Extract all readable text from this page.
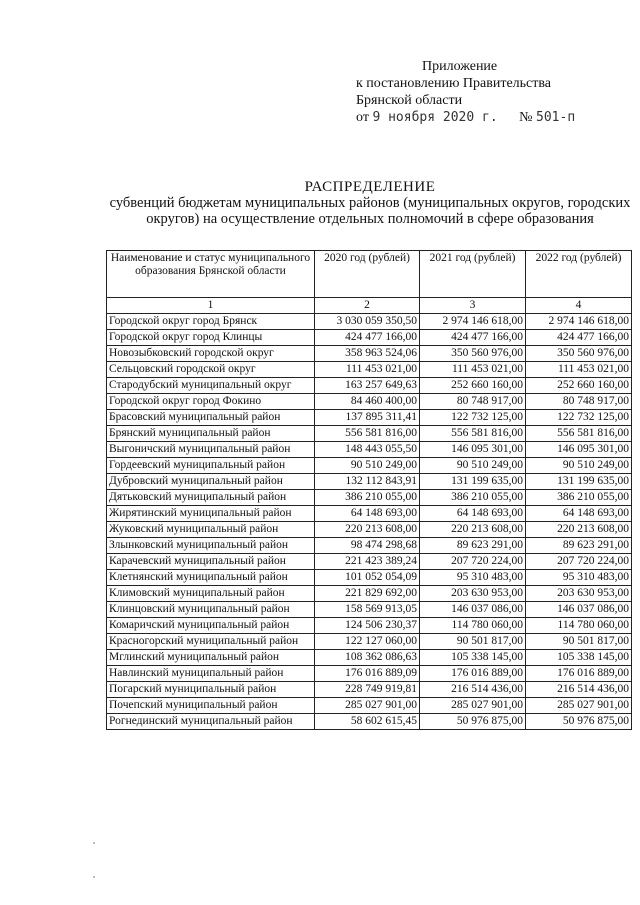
Приложение
к постановлению Правительства
Брянской области
от 9 ноября 2020 г. № 501-п
РАСПРЕДЕЛЕНИЕ
субвенций бюджетам муниципальных районов (муниципальных округов, городских округов) на осуществление отдельных полномочий в сфере образования
Наименование и статус муниципального образования Брянской области	2020 год (рублей)	2021 год (рублей)	2022 год (рублей)
1	2	3	4
Городской округ город Брянск	3 030 059 350,50	2 974 146 618,00	2 974 146 618,00
Городской округ город Клинцы	424 477 166,00	424 477 166,00	424 477 166,00
Новозыбковский городской округ	358 963 524,06	350 560 976,00	350 560 976,00
Сельцовский городской округ	111 453 021,00	111 453 021,00	111 453 021,00
Стародубский муниципальный округ	163 257 649,63	252 660 160,00	252 660 160,00
Городской округ город Фокино	84 460 400,00	80 748 917,00	80 748 917,00
Брасовский муниципальный район	137 895 311,41	122 732 125,00	122 732 125,00
Брянский муниципальный район	556 581 816,00	556 581 816,00	556 581 816,00
Выгоничский муниципальный район	148 443 055,50	146 095 301,00	146 095 301,00
Гордеевский муниципальный район	90 510 249,00	90 510 249,00	90 510 249,00
Дубровский муниципальный район	132 112 843,91	131 199 635,00	131 199 635,00
Дятьковский муниципальный район	386 210 055,00	386 210 055,00	386 210 055,00
Жирятинский муниципальный район	64 148 693,00	64 148 693,00	64 148 693,00
Жуковский муниципальный район	220 213 608,00	220 213 608,00	220 213 608,00
Злынковский муниципальный район	98 474 298,68	89 623 291,00	89 623 291,00
Карачевский муниципальный район	221 423 389,24	207 720 224,00	207 720 224,00
Клетнянский муниципальный район	101 052 054,09	95 310 483,00	95 310 483,00
Климовский муниципальный район	221 829 692,00	203 630 953,00	203 630 953,00
Клинцовский муниципальный район	158 569 913,05	146 037 086,00	146 037 086,00
Комаричский муниципальный район	124 506 230,37	114 780 060,00	114 780 060,00
Красногорский муниципальный район	122 127 060,00	90 501 817,00	90 501 817,00
Мглинский муниципальный район	108 362 086,63	105 338 145,00	105 338 145,00
Навлинский муниципальный район	176 016 889,09	176 016 889,00	176 016 889,00
Погарский муниципальный район	228 749 919,81	216 514 436,00	216 514 436,00
Почепский муниципальный район	285 027 901,00	285 027 901,00	285 027 901,00
Рогнединский муниципальный район	58 602 615,45	50 976 875,00	50 976 875,00
